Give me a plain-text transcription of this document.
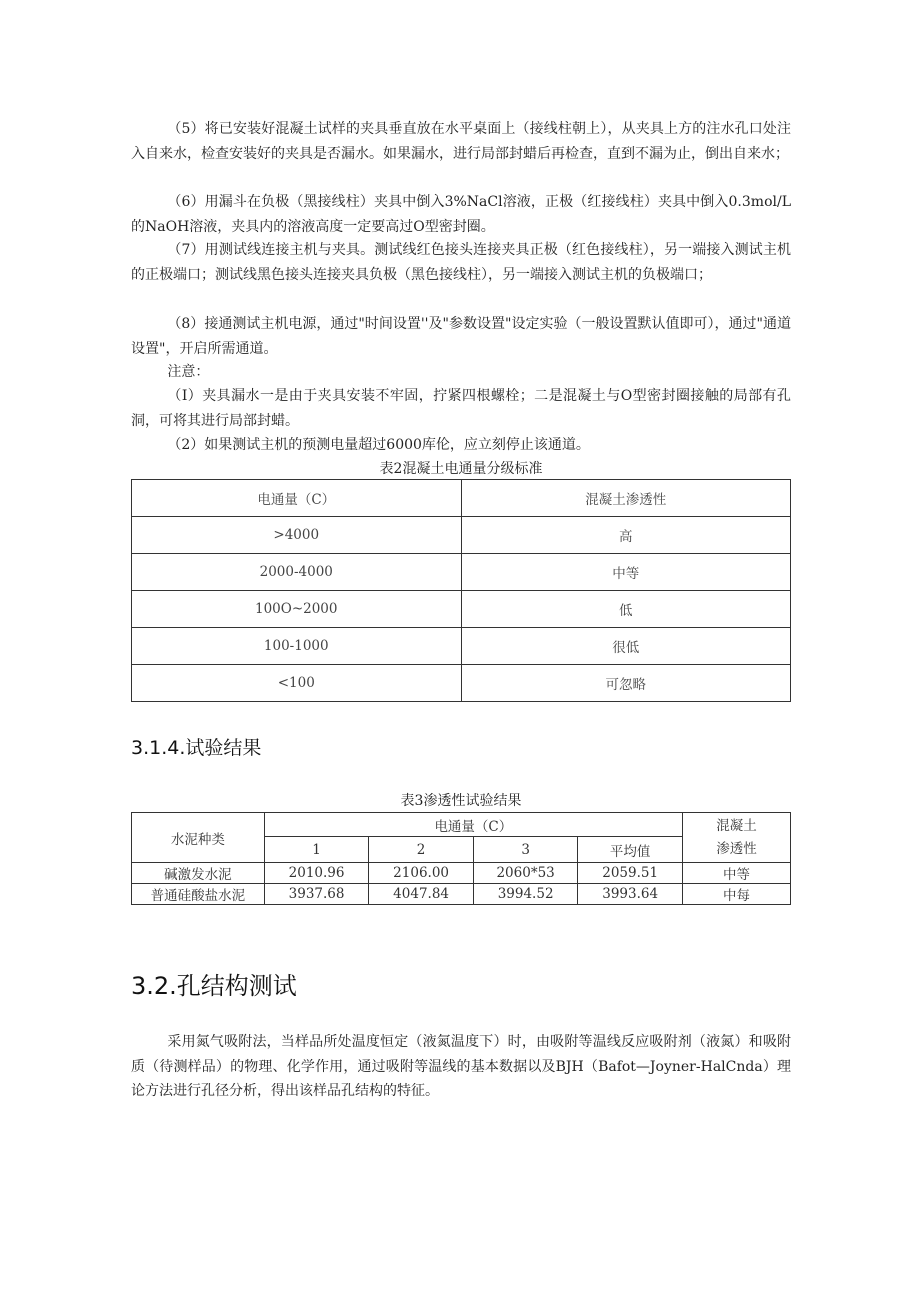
（5）将已安装好混凝土试样的夹具垂直放在水平桌面上（接线柱朝上），从夹具上方的注水孔口处注入自来水，检查安装好的夹具是否漏水。如果漏水，进行局部封蜡后再检查，直到不漏为止，倒出自来水；

（6）用漏斗在负极（黑接线柱）夹具中倒入3%NaCl溶液，正极（红接线柱）夹具中倒入0.3mol/L的NaOH溶液，夹具内的溶液高度一定要高过O型密封圈。

（7）用测试线连接主机与夹具。测试线红色接头连接夹具正极（红色接线柱），另一端接入测试主机的正极端口；测试线黑色接头连接夹具负极（黑色接线柱），另一端接入测试主机的负极端口；

（8）接通测试主机电源，通过"时间设置''及"参数设置"设定实验（一般设置默认值即可），通过"通道设置"，开启所需通道。

注意：

（I）夹具漏水一是由于夹具安装不牢固，拧紧四根螺栓；二是混凝土与O型密封圈接触的局部有孔洞，可将其进行局部封蜡。

（2）如果测试主机的预测电量超过6000库伦，应立刻停止该通道。

表2混凝土电通量分级标准
电通量（C）	混凝土渗透性
>4000	高
2000-4000	中等
100O~2000	低
100-1000	很低
<100	可忽略
3.1.4.试验结果
表3渗透性试验结果
水泥种类	电通量（C）				混凝土
渗透性
	1	2	3	平均值	
碱激发水泥	2010.96	2106.00	2060*53	2059.51	中等
普通硅酸盐水泥	3937.68	4047.84	3994.52	3993.64	中每
3.2.孔结构测试

采用氮气吸附法，当样品所处温度恒定（液氮温度下）时，由吸附等温线反应吸附剂（液氮）和吸附质（待测样品）的物理、化学作用，通过吸附等温线的基本数据以及BJH（Bafot—Joyner-HalCnda）理论方法进行孔径分析，得出该样品孔结构的特征。
